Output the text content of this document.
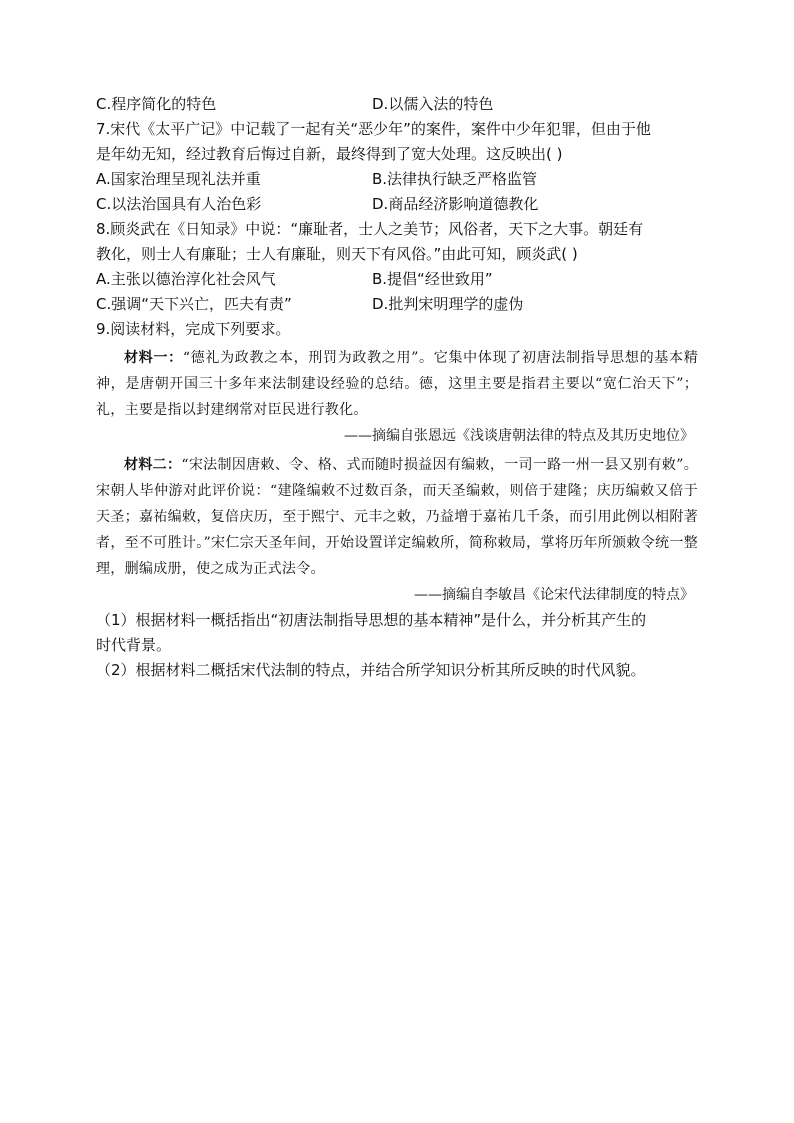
C.程序简化的特色	D.以儒入法的特色
7.宋代《太平广记》中记载了一起有关“恶少年”的案件，案件中少年犯罪，但由于他
是年幼无知，经过教育后悔过自新，最终得到了宽大处理。这反映出( )
A.国家治理呈现礼法并重	B.法律执行缺乏严格监管
C.以法治国具有人治色彩	D.商品经济影响道德教化
8.顾炎武在《日知录》中说：“廉耻者，士人之美节；风俗者，天下之大事。朝廷有
教化，则士人有廉耻；士人有廉耻，则天下有风俗。”由此可知，顾炎武( )
A.主张以德治淳化社会风气	B.提倡“经世致用”
C.强调“天下兴亡，匹夫有责”	D.批判宋明理学的虚伪
9.阅读材料，完成下列要求。

材料一：“德礼为政教之本，刑罚为政教之用”。它集中体现了初唐法制指导思想的基本精神，是唐朝开国三十多年来法制建设经验的总结。德，这里主要是指君主要以“宽仁治天下”；礼，主要是指以封建纲常对臣民进行教化。

——摘编自张恩远《浅谈唐朝法律的特点及其历史地位》

材料二：“宋法制因唐敕、令、格、式而随时损益因有编敕，一司一路一州一县又别有敕”。宋朝人毕仲游对此评价说：“建隆编敕不过数百条，而天圣编敕，则倍于建隆；庆历编敕又倍于天圣；嘉祐编敕，复倍庆历，至于熙宁、元丰之敕，乃益增于嘉祐几千条，而引用此例以相附著者，至不可胜计。”宋仁宗天圣年间，开始设置详定编敕所，简称敕局，掌将历年所颁敕令统一整理，删编成册，使之成为正式法令。

——摘编自李敏昌《论宋代法律制度的特点》
（1）根据材料一概括指出“初唐法制指导思想的基本精神”是什么，并分析其产生的
时代背景。
（2）根据材料二概括宋代法制的特点，并结合所学知识分析其所反映的时代风貌。
